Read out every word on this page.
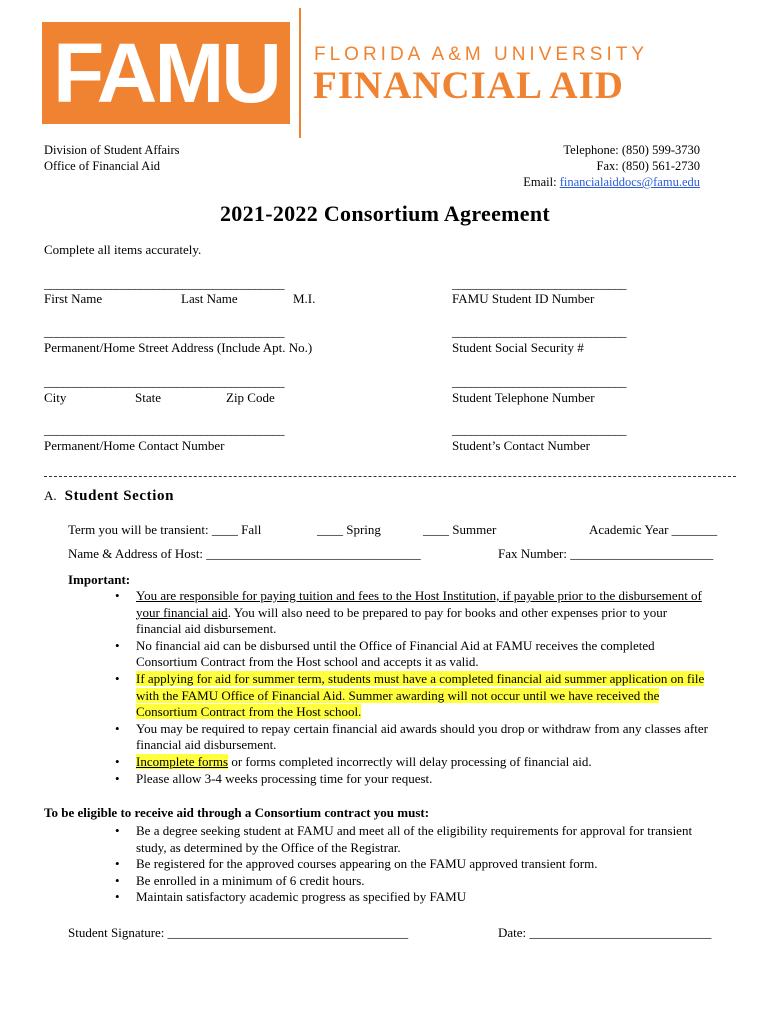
FAMU FLORIDA A&M UNIVERSITY
FINANCIAL AID
Division of Student Affairs
Office of Financial Aid
Telephone: (850) 599-3730
Fax: (850) 561-2730
Email: financialaiddocs@famu.edu
2021-2022 Consortium Agreement
Complete all items accurately.
________________________________________	_____________________________
First Name	Last Name	M.I.	FAMU Student ID Number
________________________________________	_____________________________
Permanent/Home Street Address (Include Apt. No.)	Student Social Security #
________________________________________	_____________________________
City	State	Zip Code	Student Telephone Number
________________________________________	_____________________________
Permanent/Home Contact Number	Student’s Contact Number
A. Student Section
Term you will be transient: ____ Fall	____ Spring	____ Summer	Academic Year _______
Name & Address of Host: _________________________________	Fax Number: ______________________
Important:
• You are responsible for paying tuition and fees to the Host Institution, if payable prior to the disbursement of
your financial aid. You will also need to be prepared to pay for books and other expenses prior to your
financial aid disbursement.
• No financial aid can be disbursed until the Office of Financial Aid at FAMU receives the completed
Consortium Contract from the Host school and accepts it as valid.
• If applying for aid for summer term, students must have a completed financial aid summer application on file
with the FAMU Office of Financial Aid. Summer awarding will not occur until we have received the
Consortium Contract from the Host school.
• You may be required to repay certain financial aid awards should you drop or withdraw from any classes after
financial aid disbursement.
• Incomplete forms or forms completed incorrectly will delay processing of financial aid.
• Please allow 3-4 weeks processing time for your request.
To be eligible to receive aid through a Consortium contract you must:
• Be a degree seeking student at FAMU and meet all of the eligibility requirements for approval for transient
study, as determined by the Office of the Registrar.
• Be registered for the approved courses appearing on the FAMU approved transient form.
• Be enrolled in a minimum of 6 credit hours.
• Maintain satisfactory academic progress as specified by FAMU
Student Signature: _____________________________________	Date: ____________________________
